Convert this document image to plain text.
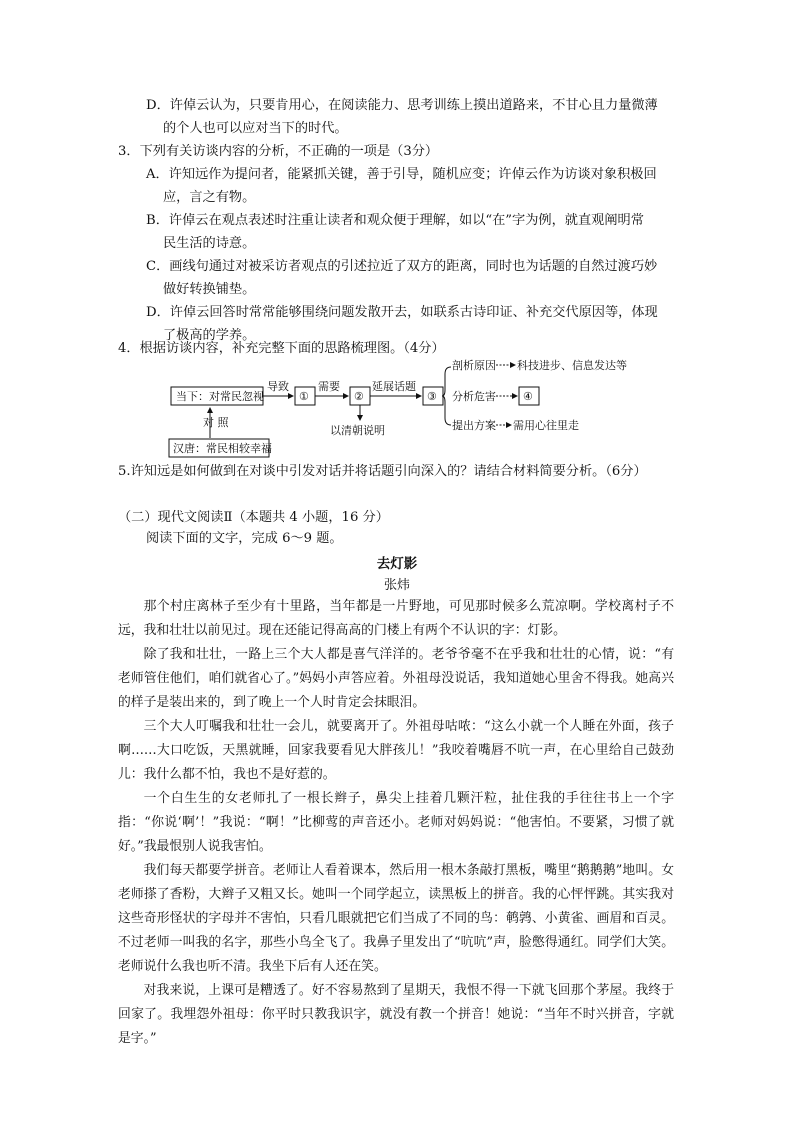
D．许倬云认为，只要肯用心，在阅读能力、思考训练上摸出道路来，不甘心且力量微薄
的个人也可以应对当下的时代。
3．下列有关访谈内容的分析，不正确的一项是（3分）
A．许知远作为提问者，能紧抓关键，善于引导，随机应变；许倬云作为访谈对象积极回
应，言之有物。
B．许倬云在观点表述时注重让读者和观众便于理解，如以“在”字为例，就直观阐明常
民生活的诗意。
C．画线句通过对被采访者观点的引述拉近了双方的距离，同时也为话题的自然过渡巧妙
做好转换铺垫。
D．许倬云回答时常常能够围绕问题发散开去，如联系古诗印证、补充交代原因等，体现
了极高的学养。
4．根据访谈内容，补充完整下面的思路梳理图。（4分）
当下：对常民忽视
导致
①
需要
②
以清朝说明
延展话题
③
剖析原因 科技进步、信息发达等
分析危害 ④
提出方案 需用心往里走
对 照
汉唐：常民相较幸福
5.许知远是如何做到在对谈中引发对话并将话题引向深入的？请结合材料简要分析。（6分）
（二）现代文阅读Ⅱ（本题共 4 小题，16 分）
阅读下面的文字，完成 6～9 题。
去灯影
张炜

那个村庄离林子至少有十里路，当年都是一片野地，可见那时候多么荒凉啊。学校离村子不远，我和壮壮以前见过。现在还能记得高高的门楼上有两个不认识的字：灯影。

除了我和壮壮，一路上三个大人都是喜气洋洋的。老爷爷毫不在乎我和壮壮的心情，说：“有老师管住他们，咱们就省心了。”妈妈小声答应着。外祖母没说话，我知道她心里舍不得我。她高兴的样子是装出来的，到了晚上一个人时肯定会抹眼泪。

三个大人叮嘱我和壮壮一会儿，就要离开了。外祖母咕哝：“这么小就一个人睡在外面，孩子啊……大口吃饭，天黑就睡，回家我要看见大胖孩儿！”我咬着嘴唇不吭一声，在心里给自己鼓劲儿：我什么都不怕，我也不是好惹的。

一个白生生的女老师扎了一根长辫子，鼻尖上挂着几颗汗粒，扯住我的手往往书上一个字指：“你说‘啊’！”我说：“啊！”比柳莺的声音还小。老师对妈妈说：“他害怕。不要紧，习惯了就好。”我最恨别人说我害怕。

我们每天都要学拼音。老师让人看着课本，然后用一根木条敲打黑板，嘴里“鹅鹅鹅”地叫。女老师搽了香粉，大辫子又粗又长。她叫一个同学起立，读黑板上的拼音。我的心怦怦跳。其实我对这些奇形怪状的字母并不害怕，只看几眼就把它们当成了不同的鸟：鹌鹑、小黄雀、画眉和百灵。不过老师一叫我的名字，那些小鸟全飞了。我鼻子里发出了“吭吭”声，脸憋得通红。同学们大笑。老师说什么我也听不清。我坐下后有人还在笑。

对我来说，上课可是糟透了。好不容易熬到了星期天，我恨不得一下就飞回那个茅屋。我终于回家了。我埋怨外祖母：你平时只教我识字，就没有教一个拼音！她说：“当年不时兴拼音，字就是字。”
